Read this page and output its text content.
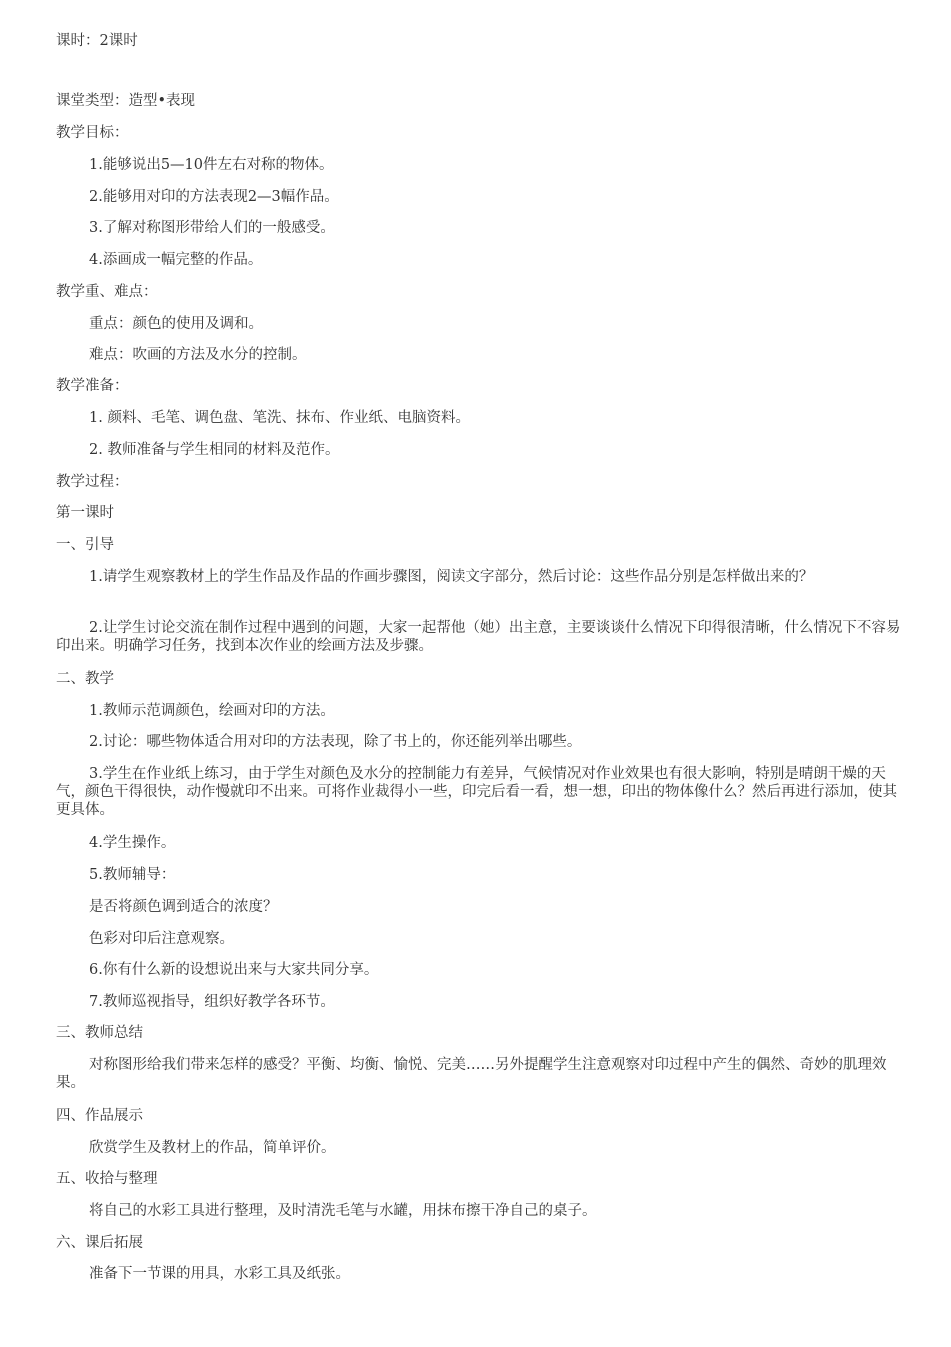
课时：2课时
课堂类型：造型•表现
教学目标：
1.能够说出5—10件左右对称的物体。
2.能够用对印的方法表现2—3幅作品。
3.了解对称图形带给人们的一般感受。
4.添画成一幅完整的作品。
教学重、难点：
重点：颜色的使用及调和。
难点：吹画的方法及水分的控制。
教学准备：
1. 颜料、毛笔、调色盘、笔洗、抹布、作业纸、电脑资料。
2. 教师准备与学生相同的材料及范作。
教学过程：
第一课时
一、引导
1.请学生观察教材上的学生作品及作品的作画步骤图，阅读文字部分，然后讨论：这些作品分别是怎样做出来的？
2.让学生讨论交流在制作过程中遇到的问题，大家一起帮他（她）出主意，主要谈谈什么情况下印得很清晰，什么情况下不容易印出来。明确学习任务，找到本次作业的绘画方法及步骤。
二、教学
1.教师示范调颜色，绘画对印的方法。
2.讨论：哪些物体适合用对印的方法表现，除了书上的，你还能列举出哪些。
3.学生在作业纸上练习，由于学生对颜色及水分的控制能力有差异，气候情况对作业效果也有很大影响，特别是晴朗干燥的天气，颜色干得很快，动作慢就印不出来。可将作业裁得小一些，印完后看一看，想一想，印出的物体像什么？然后再进行添加，使其更具体。
4.学生操作。
5.教师辅导：
是否将颜色调到适合的浓度？
色彩对印后注意观察。
6.你有什么新的设想说出来与大家共同分享。
7.教师巡视指导，组织好教学各环节。
三、教师总结
对称图形给我们带来怎样的感受？平衡、均衡、愉悦、完美……另外提醒学生注意观察对印过程中产生的偶然、奇妙的肌理效果。
四、作品展示
欣赏学生及教材上的作品，简单评价。
五、收拾与整理
将自己的水彩工具进行整理，及时清洗毛笔与水罐，用抹布擦干净自己的桌子。
六、课后拓展
准备下一节课的用具，水彩工具及纸张。
